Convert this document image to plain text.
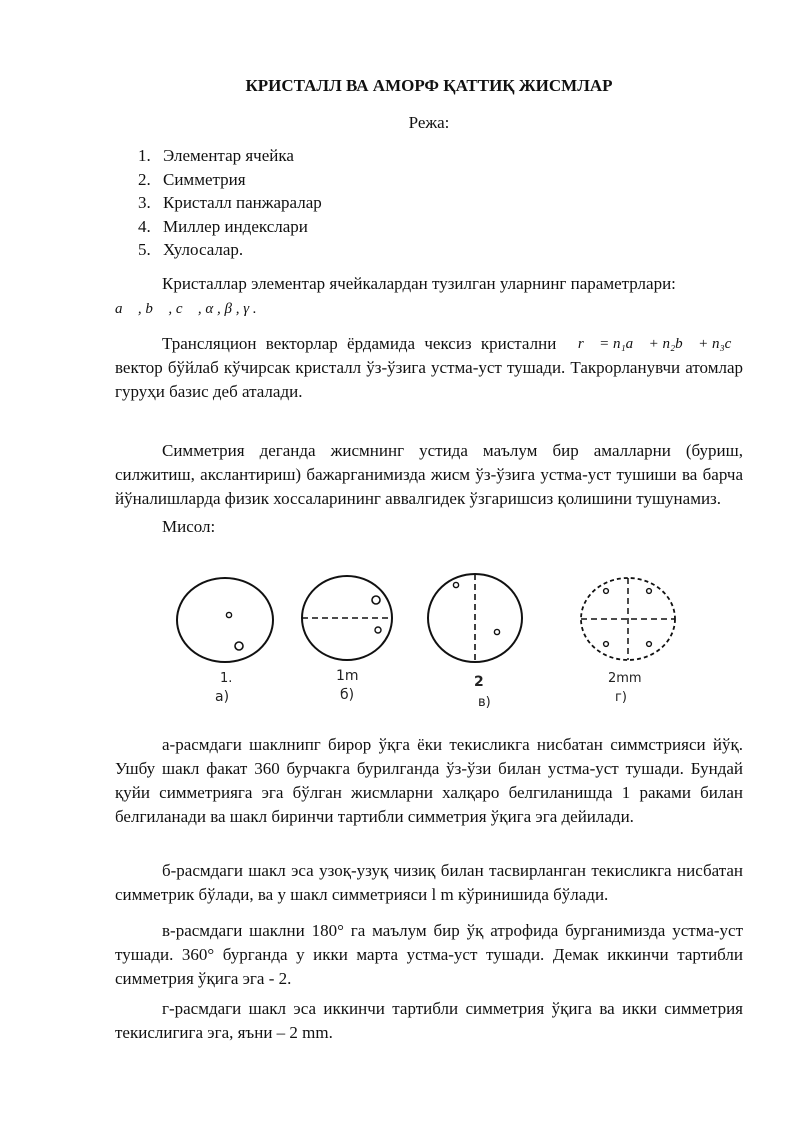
КРИСТАЛЛ ВА АМОРФ ҚАТТИҚ ЖИСМЛАР
Режа:
1. Элементар ячейка
2. Симметрия
3. Кристалл панжаралар
4. Миллер индекслари
5. Хулосалар.

Кристаллар элементар ячейкалардан тузилган уларнинг параметрлари:
a⃗ , b⃗ , c⃗ , α , β , γ .

Трансляцион векторлар ёрдамида чексиз кристални r⃗ = n₁a⃗ + n₂b⃗ + n₃c⃗

вектор бўйлаб кўчирсак кристалл ўз-ўзига устма-уст тушади. Такрорланувчи атомлар гуруҳи базис деб аталади.

Симметрия деганда жисмнинг устида маълум бир амалларни (буриш, силжитиш, акслантириш) бажарганимизда жисм ўз-ўзига устма-уст тушиши ва барча йўналишларда физик хоссаларининг аввалгидек ўзгаришсиз қолишини тушунамиз.

Мисол:

1.
а)
1m
б)
2
в)
2mm
г)

а-расмдаги шаклнипг бирор ўқга ёки текисликга нисбатан симмстрияси йўқ. Ушбу шакл факат 360 бурчакга бурилганда ўз-ўзи билан устма-уст тушади. Бундай қуйи симметрияга эга бўлган жисмларни халқаро белгиланишда 1 раками билан белгиланади ва шакл биринчи тартибли симметрия ўқига эга дейилади.

б-расмдаги шакл эса узоқ-узуқ чизиқ билан тасвирланган текисликга нисбатан симметрик бўлади, ва у шакл симметрияси l m кўринишида бўлади.

в-расмдаги шаклни 180° га маълум бир ўқ атрофида бурганимизда устма-уст тушади. 360° бурганда у икки марта устма-уст тушади. Демак иккинчи тартибли симметрия ўқига эга - 2.

г-расмдаги шакл эса иккинчи тартибли симметрия ўқига ва икки симметрия текислигига эга, яъни – 2 mm.
